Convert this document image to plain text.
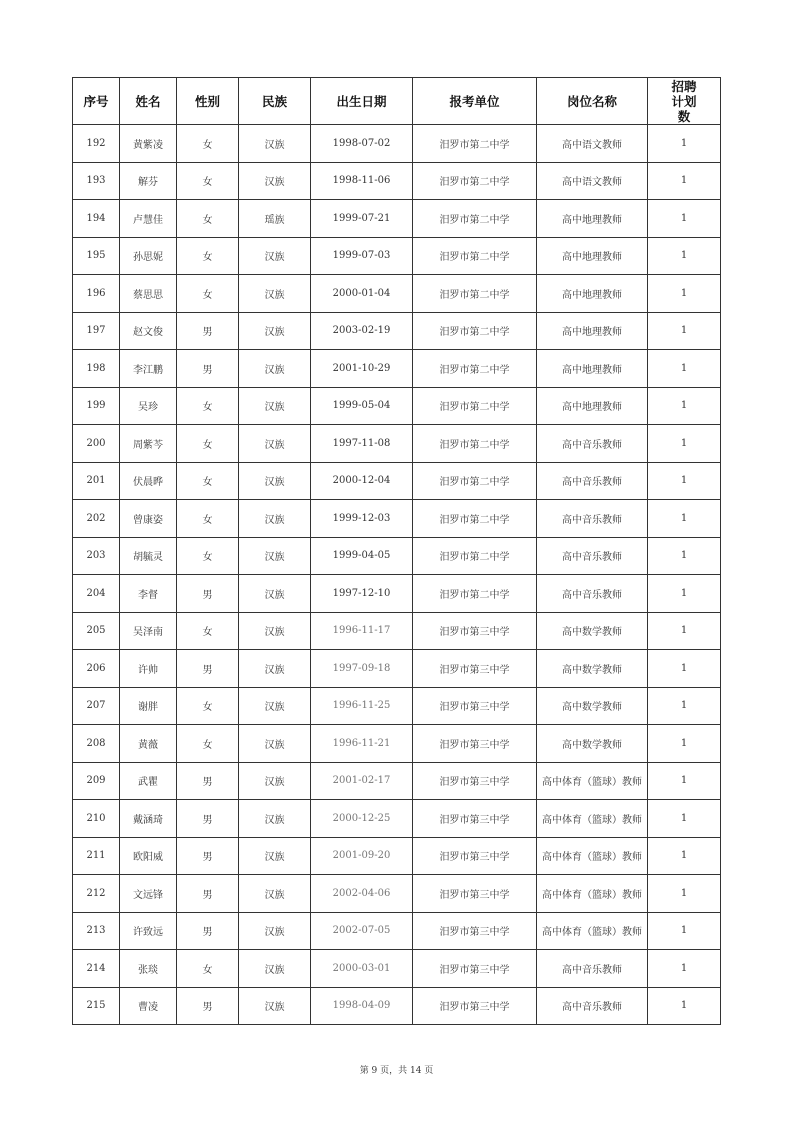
序号	姓名	性别	民族	出生日期	报考单位	岗位名称	招聘计划数
192	黄紫凌	女	汉族	1998-07-02	汨罗市第二中学	高中语文教师	1
193	解芬	女	汉族	1998-11-06	汨罗市第二中学	高中语文教师	1
194	卢慧佳	女	瑶族	1999-07-21	汨罗市第二中学	高中地理教师	1
195	孙思妮	女	汉族	1999-07-03	汨罗市第二中学	高中地理教师	1
196	蔡思思	女	汉族	2000-01-04	汨罗市第二中学	高中地理教师	1
197	赵文俊	男	汉族	2003-02-19	汨罗市第二中学	高中地理教师	1
198	李江鹏	男	汉族	2001-10-29	汨罗市第二中学	高中地理教师	1
199	吴珍	女	汉族	1999-05-04	汨罗市第二中学	高中地理教师	1
200	周紫芩	女	汉族	1997-11-08	汨罗市第二中学	高中音乐教师	1
201	伏晨晔	女	汉族	2000-12-04	汨罗市第二中学	高中音乐教师	1
202	曾康姿	女	汉族	1999-12-03	汨罗市第二中学	高中音乐教师	1
203	胡毓灵	女	汉族	1999-04-05	汨罗市第二中学	高中音乐教师	1
204	李督	男	汉族	1997-12-10	汨罗市第二中学	高中音乐教师	1
205	吴泽南	女	汉族	1996-11-17	汨罗市第三中学	高中数学教师	1
206	许帅	男	汉族	1997-09-18	汨罗市第三中学	高中数学教师	1
207	谢胖	女	汉族	1996-11-25	汨罗市第三中学	高中数学教师	1
208	黄薇	女	汉族	1996-11-21	汨罗市第三中学	高中数学教师	1
209	武瞿	男	汉族	2001-02-17	汨罗市第三中学	高中体育（篮球）教师	1
210	戴涵琦	男	汉族	2000-12-25	汨罗市第三中学	高中体育（篮球）教师	1
211	欧阳威	男	汉族	2001-09-20	汨罗市第三中学	高中体育（篮球）教师	1
212	文远锋	男	汉族	2002-04-06	汨罗市第三中学	高中体育（篮球）教师	1
213	许致远	男	汉族	2002-07-05	汨罗市第三中学	高中体育（篮球）教师	1
214	张琰	女	汉族	2000-03-01	汨罗市第三中学	高中音乐教师	1
215	曹凌	男	汉族	1998-04-09	汨罗市第三中学	高中音乐教师	1
第 9 页，共 14 页
